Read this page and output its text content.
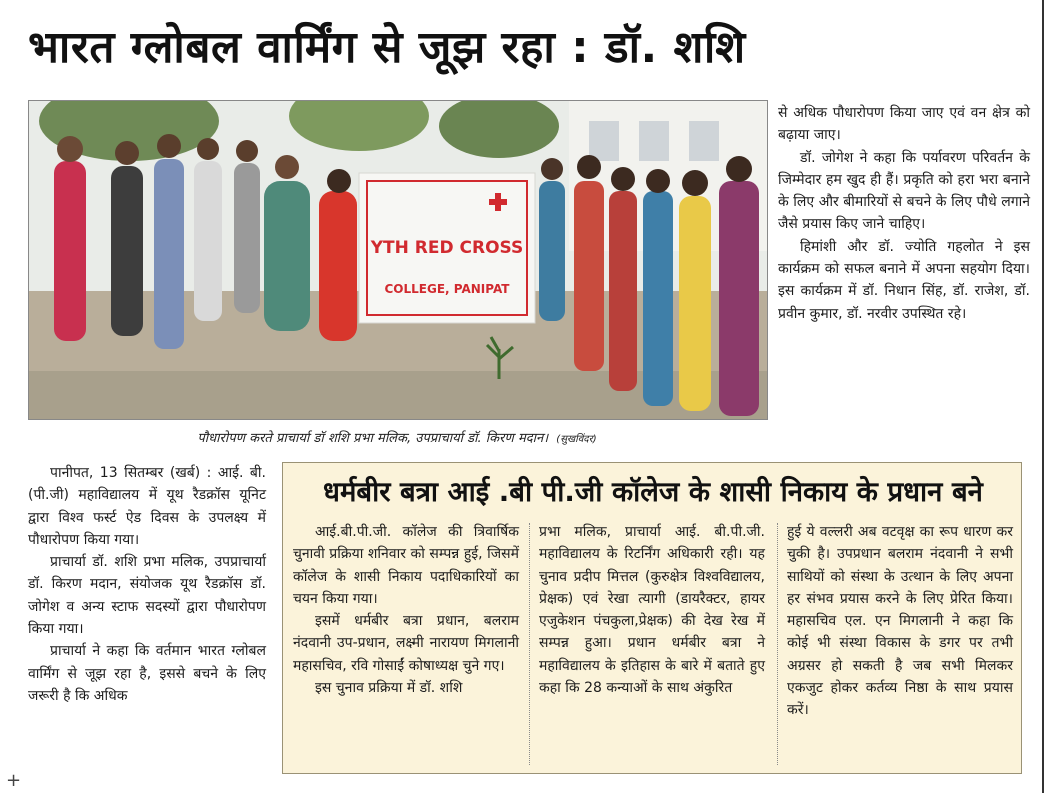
भारत ग्लोबल वार्मिंग से जूझ रहा : डॉ. शशि
YTH RED CROSS
COLLEGE, PANIPAT
पौधारोपण करते प्राचार्या डॉ शशि प्रभा मलिक, उपप्राचार्या डॉ. किरण मदान। (सुखविंदर)

से अधिक पौधारोपण किया जाए एवं वन क्षेत्र को बढ़ाया जाए।

डॉ. जोगेश ने कहा कि पर्यावरण परिवर्तन के जिम्मेदार हम खुद ही हैं। प्रकृति को हरा भरा बनाने के लिए और बीमारियों से बचने के लिए पौधे लगाने जैसे प्रयास किए जाने चाहिए।

हिमांशी और डॉ. ज्योति गहलोत ने इस कार्यक्रम को सफल बनाने में अपना सहयोग दिया। इस कार्यक्रम में डॉ. निधान सिंह, डॉ. राजेश, डॉ. प्रवीन कुमार, डॉ. नरवीर उपस्थित रहे।

पानीपत, 13 सितम्बर (खर्ब) : आई. बी. (पी.जी) महाविद्यालय में यूथ रैडक्रॉस यूनिट द्वारा विश्व फर्स्ट ऐड दिवस के उपलक्ष्य में पौधारोपण किया गया।

प्राचार्या डॉ. शशि प्रभा मलिक, उपप्राचार्या डॉ. किरण मदान, संयोजक यूथ रैडक्रॉस डॉ. जोगेश व अन्य स्टाफ सदस्यों द्वारा पौधारोपण किया गया।

प्राचार्या ने कहा कि वर्तमान भारत ग्लोबल वार्मिंग से जूझ रहा है, इससे बचने के लिए जरूरी है कि अधिक

धर्मबीर बत्रा आई .बी पी.जी कॉलेज के शासी निकाय के प्रधान बने

आई.बी.पी.जी. कॉलेज की त्रिवार्षिक चुनावी प्रक्रिया शनिवार को सम्पन्न हुई, जिसमें कॉलेज के शासी निकाय पदाधिकारियों का चयन किया गया।

इसमें धर्मबीर बत्रा प्रधान, बलराम नंदवानी उप-प्रधान, लक्ष्मी नारायण मिगलानी महासचिव, रवि गोसाईं कोषाध्यक्ष चुने गए।

इस चुनाव प्रक्रिया में डॉ. शशि

प्रभा मलिक, प्राचार्या आई. बी.पी.जी. महाविद्यालय के रिटर्निंग अधिकारी रही। यह चुनाव प्रदीप मित्तल (कुरुक्षेत्र विश्वविद्यालय, प्रेक्षक) एवं रेखा त्यागी (डायरैक्टर, हायर एजुकेशन पंचकुला,प्रेक्षक) की देख रेख में सम्पन्न हुआ। प्रधान धर्मबीर बत्रा ने महाविद्यालय के इतिहास के बारे में बताते हुए कहा कि 28 कन्याओं के साथ अंकुरित

हुई ये वल्लरी अब वटवृक्ष का रूप धारण कर चुकी है। उपप्रधान बलराम नंदवानी ने सभी साथियों को संस्था के उत्थान के लिए अपना हर संभव प्रयास करने के लिए प्रेरित किया। महासचिव एल. एन मिगलानी ने कहा कि कोई भी संस्था विकास के डगर पर तभी अग्रसर हो सकती है जब सभी मिलकर एकजुट होकर कर्तव्य निष्ठा के साथ प्रयास करें।

+
